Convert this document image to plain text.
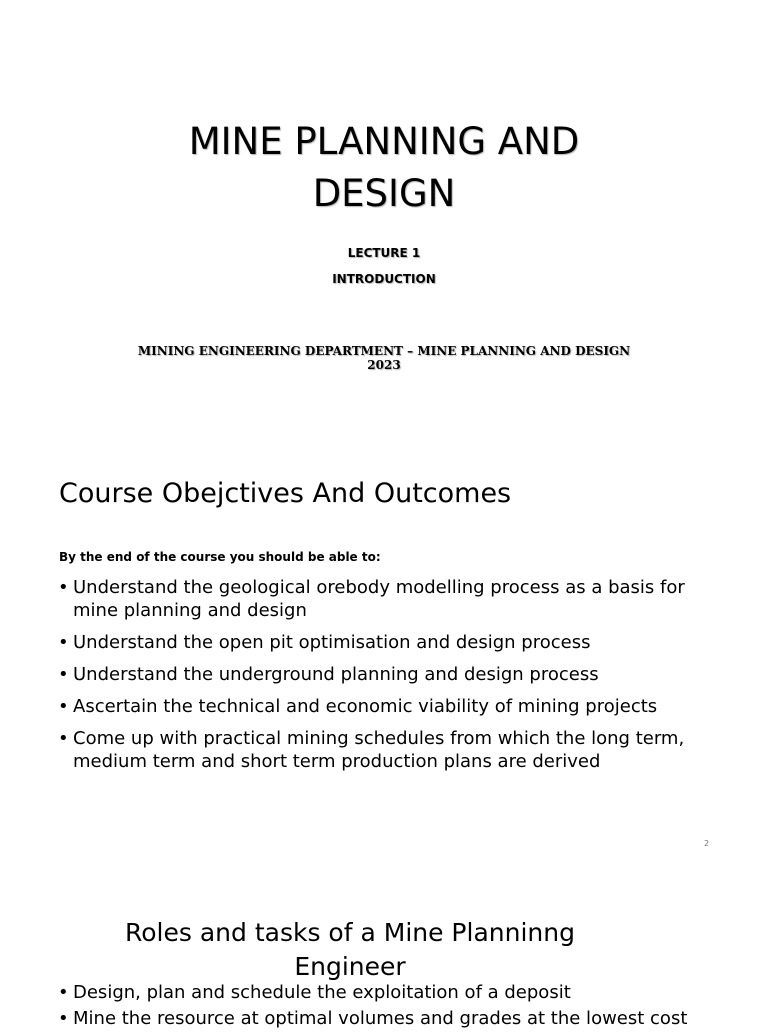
MINE PLANNING AND
DESIGN
LECTURE 1
INTRODUCTION
MINING ENGINEERING DEPARTMENT – MINE PLANNING AND DESIGN
2023
Course Obejctives And Outcomes
By the end of the course you should be able to:
• Understand the geological orebody modelling process as a basis for mine planning and design
• Understand the open pit optimisation and design process
• Understand the underground planning and design process
• Ascertain the technical and economic viability of mining projects
• Come up with practical mining schedules from which the long term, medium term and short term production plans are derived
2
Roles and tasks of a Mine Planninng
Engineer
• Design, plan and schedule the exploitation of a deposit
• Mine the resource at optimal volumes and grades at the lowest cost
